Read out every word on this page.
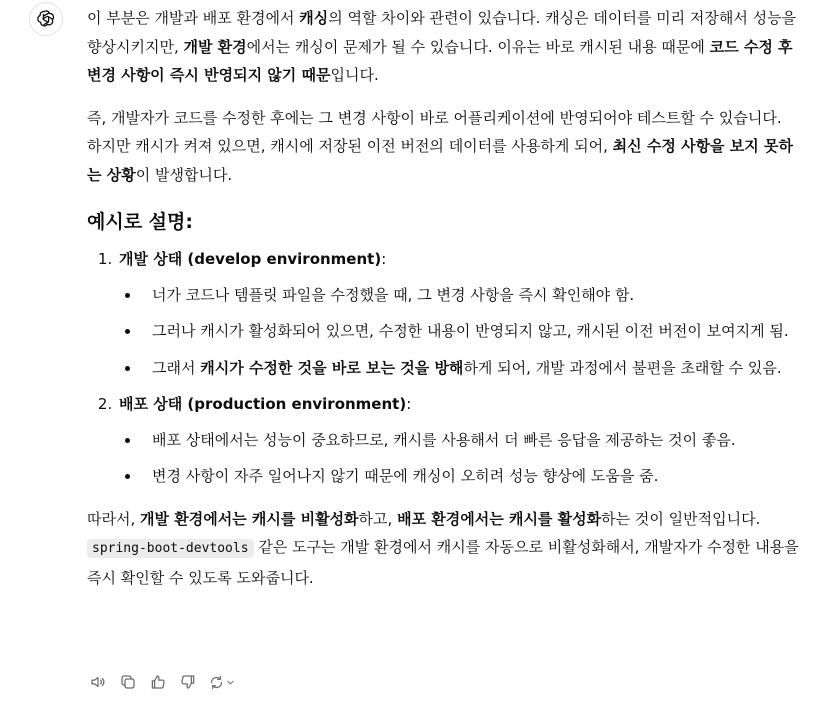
이 부분은 개발과 배포 환경에서 캐싱의 역할 차이와 관련이 있습니다. 캐싱은 데이터를 미리 저장해서 성능을 향상시키지만, 개발 환경에서는 캐싱이 문제가 될 수 있습니다. 이유는 바로 캐시된 내용 때문에 코드 수정 후 변경 사항이 즉시 반영되지 않기 때문입니다.

즉, 개발자가 코드를 수정한 후에는 그 변경 사항이 바로 어플리케이션에 반영되어야 테스트할 수 있습니다. 하지만 캐시가 켜져 있으면, 캐시에 저장된 이전 버전의 데이터를 사용하게 되어, 최신 수정 사항을 보지 못하는 상황이 발생합니다.

예시로 설명:
1. 개발 상태 (develop environment):
너가 코드나 템플릿 파일을 수정했을 때, 그 변경 사항을 즉시 확인해야 함.
그러나 캐시가 활성화되어 있으면, 수정한 내용이 반영되지 않고, 캐시된 이전 버전이 보여지게 됨.
그래서 캐시가 수정한 것을 바로 보는 것을 방해하게 되어, 개발 과정에서 불편을 초래할 수 있음.
2. 배포 상태 (production environment):
배포 상태에서는 성능이 중요하므로, 캐시를 사용해서 더 빠른 응답을 제공하는 것이 좋음.
변경 사항이 자주 일어나지 않기 때문에 캐싱이 오히려 성능 향상에 도움을 줌.

따라서, 개발 환경에서는 캐시를 비활성화하고, 배포 환경에서는 캐시를 활성화하는 것이 일반적입니다. spring-boot-devtools 같은 도구는 개발 환경에서 캐시를 자동으로 비활성화해서, 개발자가 수정한 내용을 즉시 확인할 수 있도록 도와줍니다.
